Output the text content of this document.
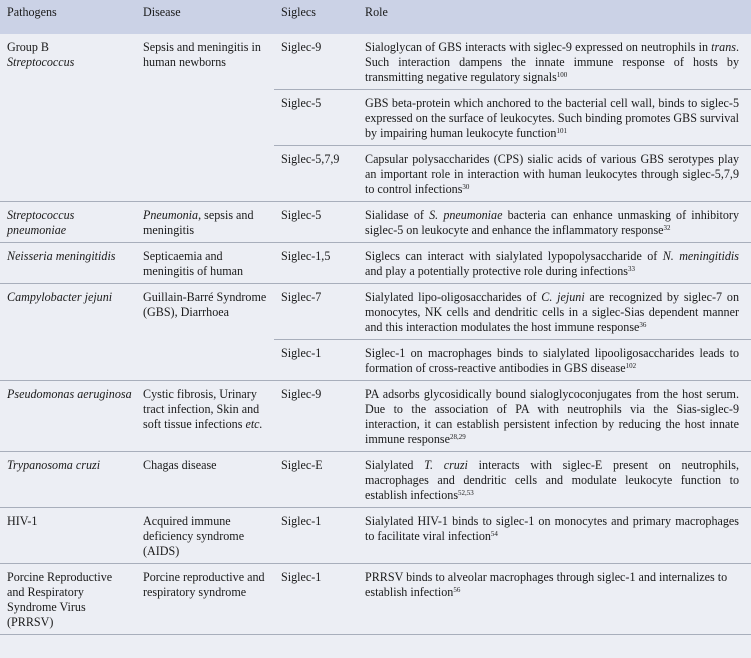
Pathogens	Disease	Siglecs	Role
Group B
Streptococcus	Sepsis and meningitis in human newborns	Siglec-9	Sialoglycan of GBS interacts with siglec-9 expressed on neutrophils in trans. Such interaction dampens the innate immune response of hosts by transmitting negative regulatory signals$^{100}$
		Siglec-5	GBS beta-protein which anchored to the bacterial cell wall, binds to siglec-5 expressed on the surface of leukocytes. Such binding promotes GBS survival by impairing human leukocyte function$^{101}$
		Siglec-5,7,9	Capsular polysaccharides (CPS) sialic acids of various GBS serotypes play an important role in interaction with human leukocytes through siglec-5,7,9 to control infections$^{30}$
Streptococcus pneumoniae	Pneumonia, sepsis and meningitis	Siglec-5	Sialidase of S. pneumoniae bacteria can enhance unmasking of inhibitory siglec-5 on leukocyte and enhance the inflammatory response$^{32}$
Neisseria meningitidis	Septicaemia and meningitis of human	Siglec-1,5	Siglecs can interact with sialylated lypopolysaccharide of N. meningitidis and play a potentially protective role during infections$^{33}$
Campylobacter jejuni	Guillain-Barré Syndrome (GBS), Diarrhoea	Siglec-7	Sialylated lipo-oligosaccharides of C. jejuni are recognized by siglec-7 on monocytes, NK cells and dendritic cells in a siglec-Sias dependent manner and this interaction modulates the host immune response$^{36}$
		Siglec-1	Siglec-1 on macrophages binds to sialylated lipooligosaccharides leads to formation of cross-reactive antibodies in GBS disease$^{102}$
Pseudomonas aeruginosa	Cystic fibrosis, Urinary tract infection, Skin and soft tissue infections etc.	Siglec-9	PA adsorbs glycosidically bound sialoglycoconjugates from the host serum. Due to the association of PA with neutrophils via the Sias-siglec-9 interaction, it can establish persistent infection by reducing the host innate immune response$^{28,29}$
Trypanosoma cruzi	Chagas disease	Siglec-E	Sialylated T. cruzi interacts with siglec-E present on neutrophils, macrophages and dendritic cells and modulate leukocyte function to establish infections$^{52,53}$
HIV-1	Acquired immune deficiency syndrome (AIDS)	Siglec-1	Sialylated HIV-1 binds to siglec-1 on monocytes and primary macrophages to facilitate viral infection$^{54}$
Porcine Reproductive and Respiratory Syndrome Virus (PRRSV)	Porcine reproductive and respiratory syndrome	Siglec-1	PRRSV binds to alveolar macrophages through siglec-1 and internalizes to establish infection$^{56}$
